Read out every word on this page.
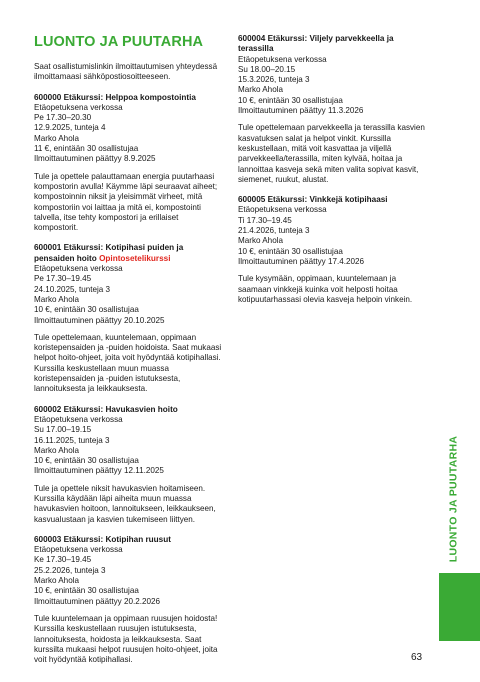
LUONTO JA PUUTARHA
Saat osallistumislinkin ilmoittautumisen yhteydessä ilmoittamaasi sähköpostiosoitteeseen.
600000 Etäkurssi: Helppoa kompostointia
Etäopetuksena verkossa
Pe 17.30–20.30
12.9.2025, tunteja 4
Marko Ahola
11 €, enintään 30 osallistujaa
Ilmoittautuminen päättyy 8.9.2025
Tule ja opettele palauttamaan energia puutarhaasi kompostorin avulla! Käymme läpi seuraavat aiheet; kompostoinnin niksit ja yleisimmät virheet, mitä kompostoriin voi laittaa ja mitä ei, kompostointi talvella, itse tehty kompostori ja erillaiset kompostorit.
600001 Etäkurssi: Kotipihasi puiden ja pensaiden hoito Opintosetelikurssi
Etäopetuksena verkossa
Pe 17.30–19.45
24.10.2025, tunteja 3
Marko Ahola
10 €, enintään 30 osallistujaa
Ilmoittautuminen päättyy 20.10.2025
Tule opettelemaan, kuuntelemaan, oppimaan koristepensaiden ja -puiden hoidoista. Saat mukaasi helpot hoito-ohjeet, joita voit hyödyntää kotipihallasi. Kurssilla keskustellaan muun muassa koristepensaiden ja -puiden istutuksesta, lannoituksesta ja leikkauksesta.
600002 Etäkurssi: Havukasvien hoito
Etäopetuksena verkossa
Su 17.00–19.15
16.11.2025, tunteja 3
Marko Ahola
10 €, enintään 30 osallistujaa
Ilmoittautuminen päättyy 12.11.2025
Tule ja opettele niksit havukasvien hoitamiseen. Kurssilla käydään läpi aiheita muun muassa havukasvien hoitoon, lannoitukseen, leikkaukseen, kasvualustaan ja kasvien tukemiseen liittyen.
600003 Etäkurssi: Kotipihan ruusut
Etäopetuksena verkossa
Ke 17.30–19.45
25.2.2026, tunteja 3
Marko Ahola
10 €, enintään 30 osallistujaa
Ilmoittautuminen päättyy 20.2.2026
Tule kuuntelemaan ja oppimaan ruusujen hoidosta! Kurssilla keskustellaan ruusujen istutuksesta, lannoituksesta, hoidosta ja leikkauksesta. Saat kurssilta mukaasi helpot ruusujen hoito-ohjeet, joita voit hyödyntää kotipihallasi.
600004 Etäkurssi: Viljely parvekkeella ja terassilla
Etäopetuksena verkossa
Su 18.00–20.15
15.3.2026, tunteja 3
Marko Ahola
10 €, enintään 30 osallistujaa
Ilmoittautuminen päättyy 11.3.2026
Tule opettelemaan parvekkeella ja terassilla kasvien kasvatuksen salat ja helpot vinkit. Kurssilla keskustellaan, mitä voit kasvattaa ja viljellä parvekkeella/terassilla, miten kylvää, hoitaa ja lannoittaa kasveja sekä miten valita sopivat kasvit, siemenet, ruukut, alustat.
600005 Etäkurssi: Vinkkejä kotipihaasi
Etäopetuksena verkossa
Ti 17.30–19.45
21.4.2026, tunteja 3
Marko Ahola
10 €, enintään 30 osallistujaa
Ilmoittautuminen päättyy 17.4.2026
Tule kysymään, oppimaan, kuuntelemaan ja saamaan vinkkejä kuinka voit helposti hoitaa kotipuutarhassasi olevia kasveja helpoin vinkein.
LUONTO JA PUUTARHA
63
